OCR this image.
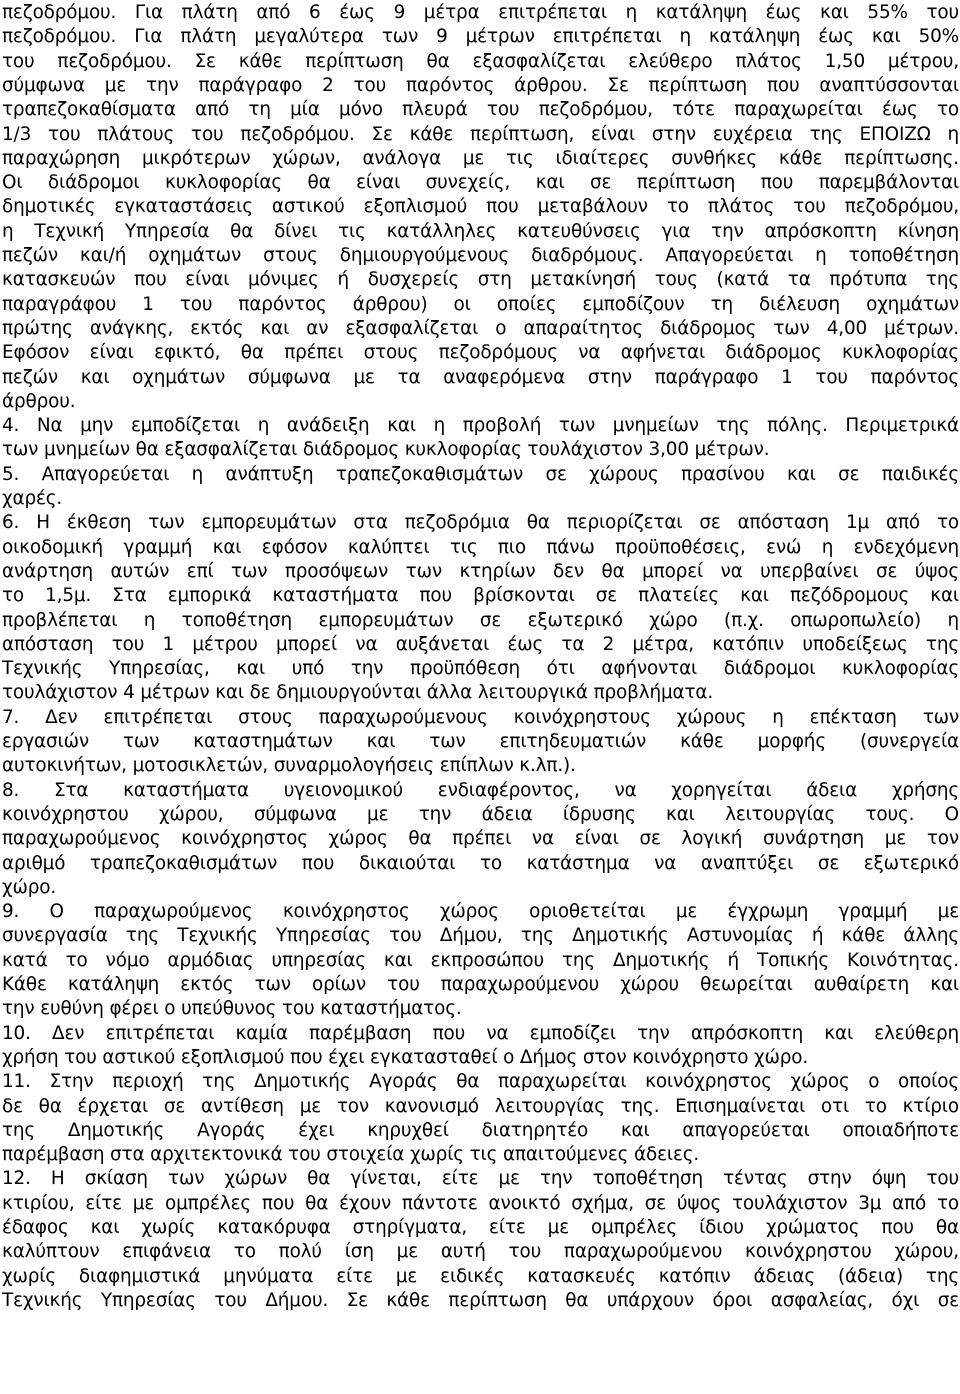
πεζοδρόμου. Για πλάτη από 6 έως 9 μέτρα επιτρέπεται η κατάληψη έως και 55% του
πεζοδρόμου. Για πλάτη μεγαλύτερα των 9 μέτρων επιτρέπεται η κατάληψη έως και 50%
του πεζοδρόμου. Σε κάθε περίπτωση θα εξασφαλίζεται ελεύθερο πλάτος 1,50 μέτρου,
σύμφωνα με την παράγραφο 2 του παρόντος άρθρου. Σε περίπτωση που αναπτύσσονται
τραπεζοκαθίσματα από τη μία μόνο πλευρά του πεζοδρόμου, τότε παραχωρείται έως το
1/3 του πλάτους του πεζοδρόμου. Σε κάθε περίπτωση, είναι στην ευχέρεια της ΕΠΟΙΖΩ η
παραχώρηση μικρότερων χώρων, ανάλογα με τις ιδιαίτερες συνθήκες κάθε περίπτωσης.
Οι διάδρομοι κυκλοφορίας θα είναι συνεχείς, και σε περίπτωση που παρεμβάλονται
δημοτικές εγκαταστάσεις αστικού εξοπλισμού που μεταβάλουν το πλάτος του πεζοδρόμου,
η Τεχνική Υπηρεσία θα δίνει τις κατάλληλες κατευθύνσεις για την απρόσκοπτη κίνηση
πεζών και/ή οχημάτων στους δημιουργούμενους διαδρόμους. Απαγορεύεται η τοποθέτηση
κατασκευών που είναι μόνιμες ή δυσχερείς στη μετακίνησή τους (κατά τα πρότυπα της
παραγράφου 1 του παρόντος άρθρου) οι οποίες εμποδίζουν τη διέλευση οχημάτων
πρώτης ανάγκης, εκτός και αν εξασφαλίζεται ο απαραίτητος διάδρομος των 4,00 μέτρων.
Εφόσον είναι εφικτό, θα πρέπει στους πεζοδρόμους να αφήνεται διάδρομος κυκλοφορίας
πεζών και οχημάτων σύμφωνα με τα αναφερόμενα στην παράγραφο 1 του παρόντος
άρθρου.
4. Να μην εμποδίζεται η ανάδειξη και η προβολή των μνημείων της πόλης. Περιμετρικά
των μνημείων θα εξασφαλίζεται διάδρομος κυκλοφορίας τουλάχιστον 3,00 μέτρων.
5. Απαγορεύεται η ανάπτυξη τραπεζοκαθισμάτων σε χώρους πρασίνου και σε παιδικές
χαρές.
6. Η έκθεση των εμπορευμάτων στα πεζοδρόμια θα περιορίζεται σε απόσταση 1μ από το
οικοδομική γραμμή και εφόσον καλύπτει τις πιο πάνω προϋποθέσεις, ενώ η ενδεχόμενη
ανάρτηση αυτών επί των προσόψεων των κτηρίων δεν θα μπορεί να υπερβαίνει σε ύψος
το 1,5μ. Στα εμπορικά καταστήματα που βρίσκονται σε πλατείες και πεζόδρομους και
προβλέπεται η τοποθέτηση εμπορευμάτων σε εξωτερικό χώρο (π.χ. οπωροπωλείο) η
απόσταση του 1 μέτρου μπορεί να αυξάνεται έως τα 2 μέτρα, κατόπιν υποδείξεως της
Τεχνικής Υπηρεσίας, και υπό την προϋπόθεση ότι αφήνονται διάδρομοι κυκλοφορίας
τουλάχιστον 4 μέτρων και δε δημιουργούνται άλλα λειτουργικά προβλήματα.
7. Δεν επιτρέπεται στους παραχωρούμενους κοινόχρηστους χώρους η επέκταση των
εργασιών των καταστημάτων και των επιτηδευματιών κάθε μορφής (συνεργεία
αυτοκινήτων, μοτοσικλετών, συναρμολογήσεις επίπλων κ.λπ.).
8. Στα καταστήματα υγειονομικού ενδιαφέροντος, να χορηγείται άδεια χρήσης
κοινόχρηστου χώρου, σύμφωνα με την άδεια ίδρυσης και λειτουργίας τους. Ο
παραχωρούμενος κοινόχρηστος χώρος θα πρέπει να είναι σε λογική συνάρτηση με τον
αριθμό τραπεζοκαθισμάτων που δικαιούται το κατάστημα να αναπτύξει σε εξωτερικό
χώρο.
9. Ο παραχωρούμενος κοινόχρηστος χώρος οριοθετείται με έγχρωμη γραμμή με
συνεργασία της Τεχνικής Υπηρεσίας του Δήμου, της Δημοτικής Αστυνομίας ή κάθε άλλης
κατά το νόμο αρμόδιας υπηρεσίας και εκπροσώπου της Δημοτικής ή Τοπικής Κοινότητας.
Κάθε κατάληψη εκτός των ορίων του παραχωρούμενου χώρου θεωρείται αυθαίρετη και
την ευθύνη φέρει ο υπεύθυνος του καταστήματος.
10. Δεν επιτρέπεται καμία παρέμβαση που να εμποδίζει την απρόσκοπτη και ελεύθερη
χρήση του αστικού εξοπλισμού που έχει εγκατασταθεί ο Δήμος στον κοινόχρηστο χώρο.
11. Στην περιοχή της Δημοτικής Αγοράς θα παραχωρείται κοινόχρηστος χώρος ο οποίος
δε θα έρχεται σε αντίθεση με τον κανονισμό λειτουργίας της. Επισημαίνεται οτι το κτίριο
της Δημοτικής Αγοράς έχει κηρυχθεί διατηρητέο και απαγορεύεται οποιαδήποτε
παρέμβαση στα αρχιτεκτονικά του στοιχεία χωρίς τις απαιτούμενες άδειες.
12. Η σκίαση των χώρων θα γίνεται, είτε με την τοποθέτηση τέντας στην όψη του
κτιρίου, είτε με ομπρέλες που θα έχουν πάντοτε ανοικτό σχήμα, σε ύψος τουλάχιστον 3μ από το
έδαφος και χωρίς κατακόρυφα στηρίγματα, είτε με ομπρέλες ίδιου χρώματος που θα
καλύπτουν επιφάνεια το πολύ ίση με αυτή του παραχωρούμενου κοινόχρηστου χώρου,
χωρίς διαφημιστικά μηνύματα είτε με ειδικές κατασκευές κατόπιν άδειας (άδεια) της
Τεχνικής Υπηρεσίας του Δήμου. Σε κάθε περίπτωση θα υπάρχουν όροι ασφαλείας, όχι σε
